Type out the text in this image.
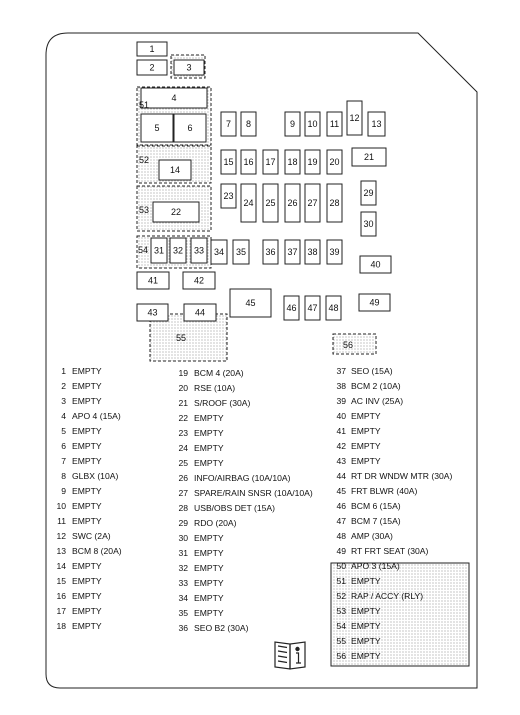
1
2	3
4
5	6	7 8	9 10 11
12
13
14
15 16 17 18 19 20	21
22
23
24 25 26 27 28
29
30
31 32 33 34 35 36 37 38 39
40
41	42
43	44
45	46 47 48
49
51
52
53
54
55
56
1 EMPTY
2 EMPTY
3 EMPTY
4 APO 4 (15A)
5 EMPTY
6 EMPTY
7 EMPTY
8 GLBX (10A)
9 EMPTY
10 EMPTY
11 EMPTY
12 SWC (2A)
13 BCM 8 (20A)
14 EMPTY
15 EMPTY
16 EMPTY
17 EMPTY
18 EMPTY
19 BCM 4 (20A)
20 RSE (10A)
21 S/ROOF (30A)
22 EMPTY
23 EMPTY
24 EMPTY
25 EMPTY
26 INFO/AIRBAG (10A/10A)
27 SPARE/RAIN SNSR (10A/10A)
28 USB/OBS DET (15A)
29 RDO (20A)
30 EMPTY
31 EMPTY
32 EMPTY
33 EMPTY
34 EMPTY
35 EMPTY
36 SEO B2 (30A)
37 SEO (15A)
38 BCM 2 (10A)
39 AC INV (25A)
40 EMPTY
41 EMPTY
42 EMPTY
43 EMPTY
44 RT DR WNDW MTR (30A)
45 FRT BLWR (40A)
46 BCM 6 (15A)
47 BCM 7 (15A)
48 AMP (30A)
49 RT FRT SEAT (30A)
50 APO 3 (15A)
51 EMPTY
52 RAP / ACCY (RLY)
53 EMPTY
54 EMPTY
55 EMPTY
56 EMPTY
